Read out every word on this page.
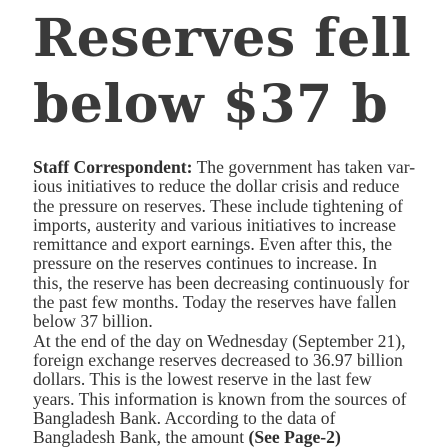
Reserves fell
below $37 b
Staff Correspondent: The government has taken var-
ious initiatives to reduce the dollar crisis and reduce
the pressure on reserves. These include tightening of
imports, austerity and various initiatives to increase
remittance and export earnings. Even after this, the
pressure on the reserves continues to increase. In
this, the reserve has been decreasing continuously for
the past few months. Today the reserves have fallen
below 37 billion.
At the end of the day on Wednesday (September 21),
foreign exchange reserves decreased to 36.97 billion
dollars. This is the lowest reserve in the last few
years. This information is known from the sources of
Bangladesh Bank. According to the data of
Bangladesh Bank, the amount (See Page-2)
